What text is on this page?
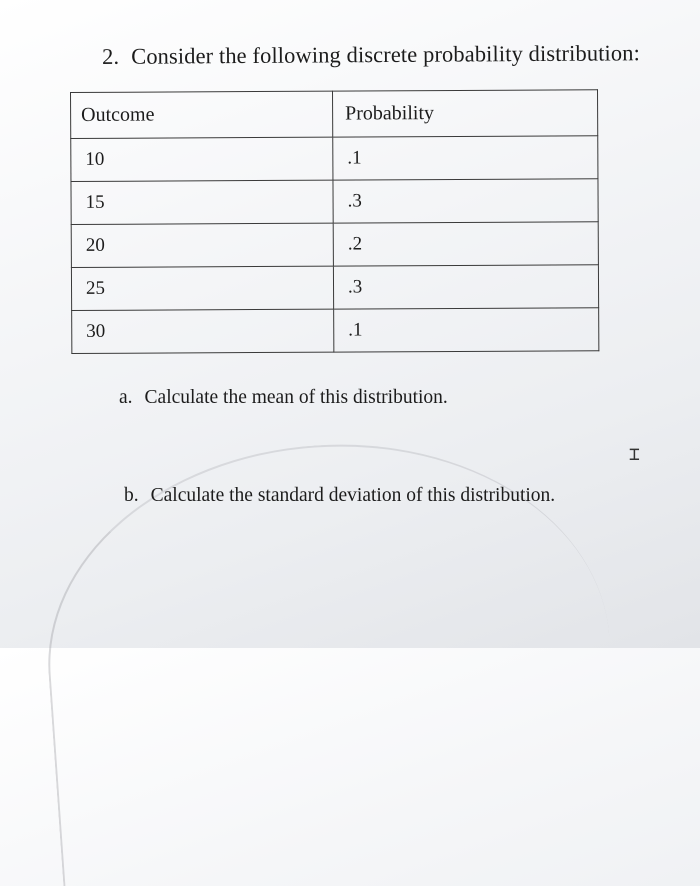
2. Consider the following discrete probability distribution:
Outcome	Probability
10	.1
15	.3
20	.2
25	.3
30	.1
a. Calculate the mean of this distribution.
⌶
b. Calculate the standard deviation of this distribution.
